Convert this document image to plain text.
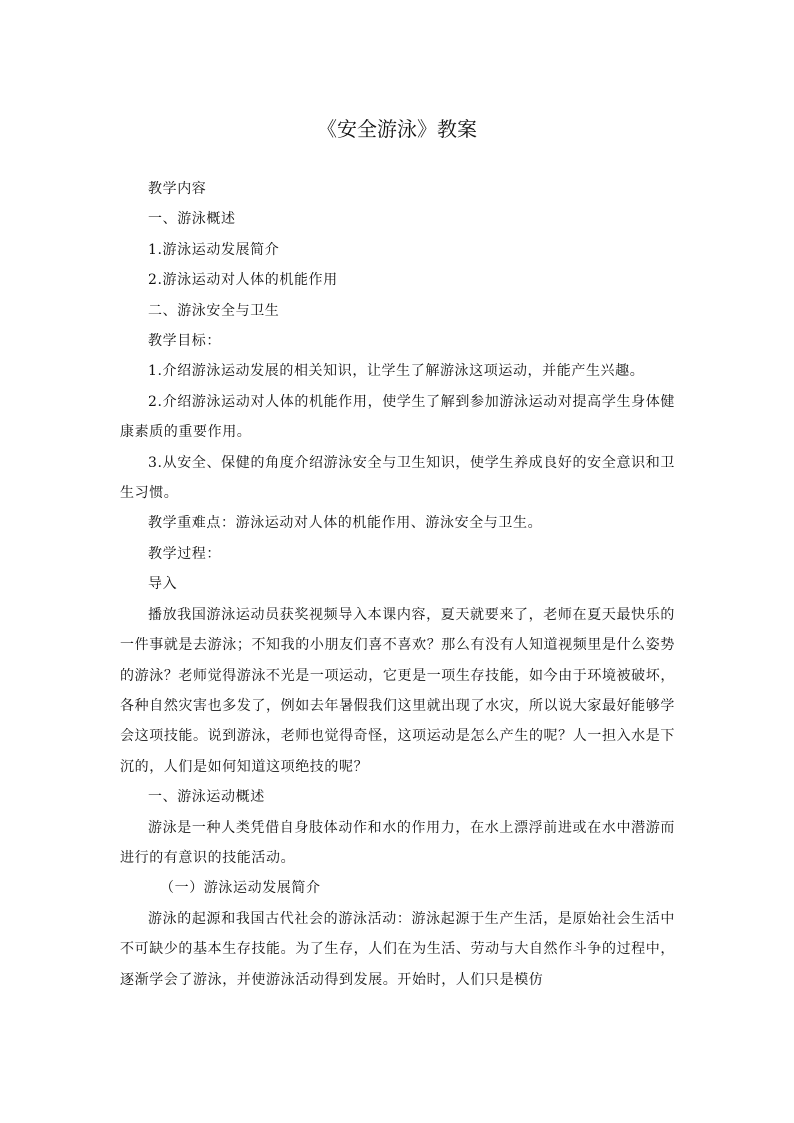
《安全游泳》教案

教学内容

一、游泳概述

1.游泳运动发展简介

2.游泳运动对人体的机能作用

二、游泳安全与卫生

教学目标：

1.介绍游泳运动发展的相关知识，让学生了解游泳这项运动，并能产生兴趣。

2.介绍游泳运动对人体的机能作用，使学生了解到参加游泳运动对提高学生身体健康素质的重要作用。

3.从安全、保健的角度介绍游泳安全与卫生知识，使学生养成良好的安全意识和卫生习惯。

教学重难点：游泳运动对人体的机能作用、游泳安全与卫生。

教学过程：

导入

播放我国游泳运动员获奖视频导入本课内容，夏天就要来了，老师在夏天最快乐的一件事就是去游泳；不知我的小朋友们喜不喜欢？那么有没有人知道视频里是什么姿势的游泳？老师觉得游泳不光是一项运动，它更是一项生存技能，如今由于环境被破坏，各种自然灾害也多发了，例如去年暑假我们这里就出现了水灾，所以说大家最好能够学会这项技能。说到游泳，老师也觉得奇怪，这项运动是怎么产生的呢？人一担入水是下沉的，人们是如何知道这项绝技的呢？

一、游泳运动概述

游泳是一种人类凭借自身肢体动作和水的作用力，在水上漂浮前进或在水中潜游而进行的有意识的技能活动。

（一）游泳运动发展简介

游泳的起源和我国古代社会的游泳活动：游泳起源于生产生活，是原始社会生活中不可缺少的基本生存技能。为了生存，人们在为生活、劳动与大自然作斗争的过程中，逐渐学会了游泳，并使游泳活动得到发展。开始时，人们只是模仿
